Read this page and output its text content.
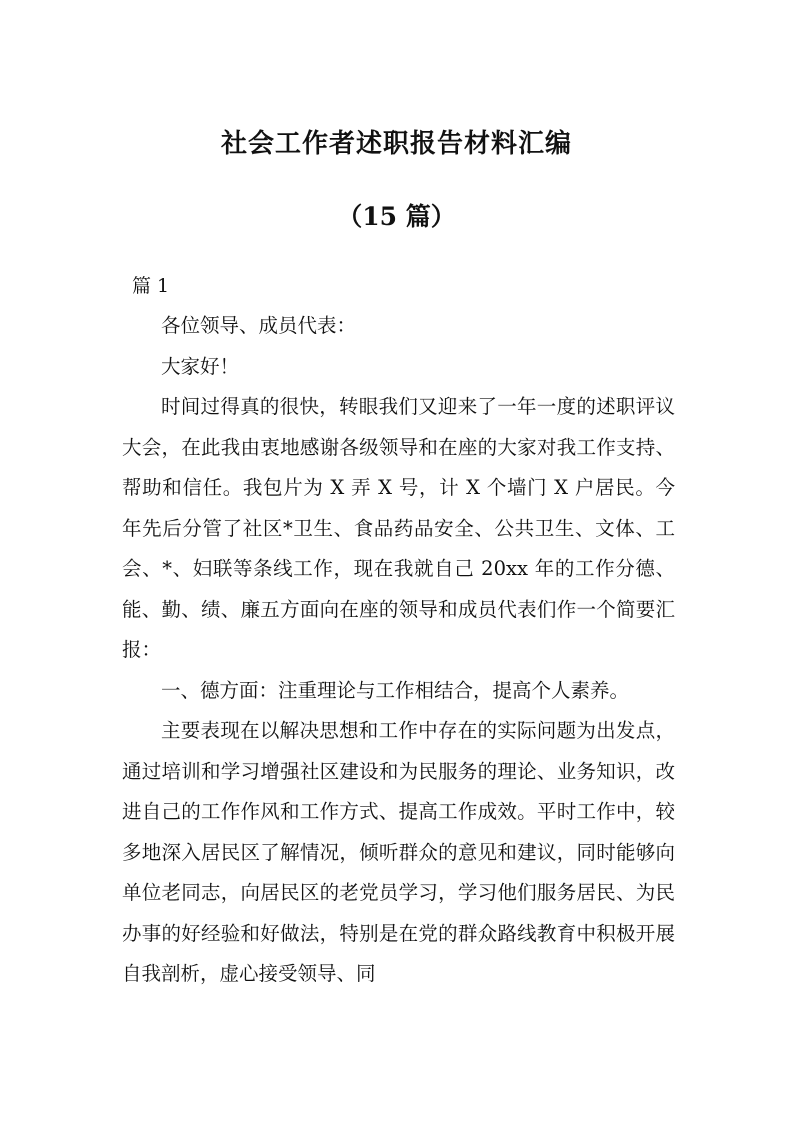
社会工作者述职报告材料汇编
（15 篇）
篇 1

各位领导、成员代表：

大家好！

时间过得真的很快，转眼我们又迎来了一年一度的述职评议大会，在此我由衷地感谢各级领导和在座的大家对我工作支持、帮助和信任。我包片为 X 弄 X 号，计 X 个墙门 X 户居民。今年先后分管了社区*卫生、食品药品安全、公共卫生、文体、工会、*、妇联等条线工作，现在我就自己 20xx 年的工作分德、能、勤、绩、廉五方面向在座的领导和成员代表们作一个简要汇报：

一、德方面：注重理论与工作相结合，提高个人素养。

主要表现在以解决思想和工作中存在的实际问题为出发点，通过培训和学习增强社区建设和为民服务的理论、业务知识，改进自己的工作作风和工作方式、提高工作成效。平时工作中，较多地深入居民区了解情况，倾听群众的意见和建议，同时能够向单位老同志，向居民区的老党员学习，学习他们服务居民、为民办事的好经验和好做法，特别是在党的群众路线教育中积极开展自我剖析，虚心接受领导、同
